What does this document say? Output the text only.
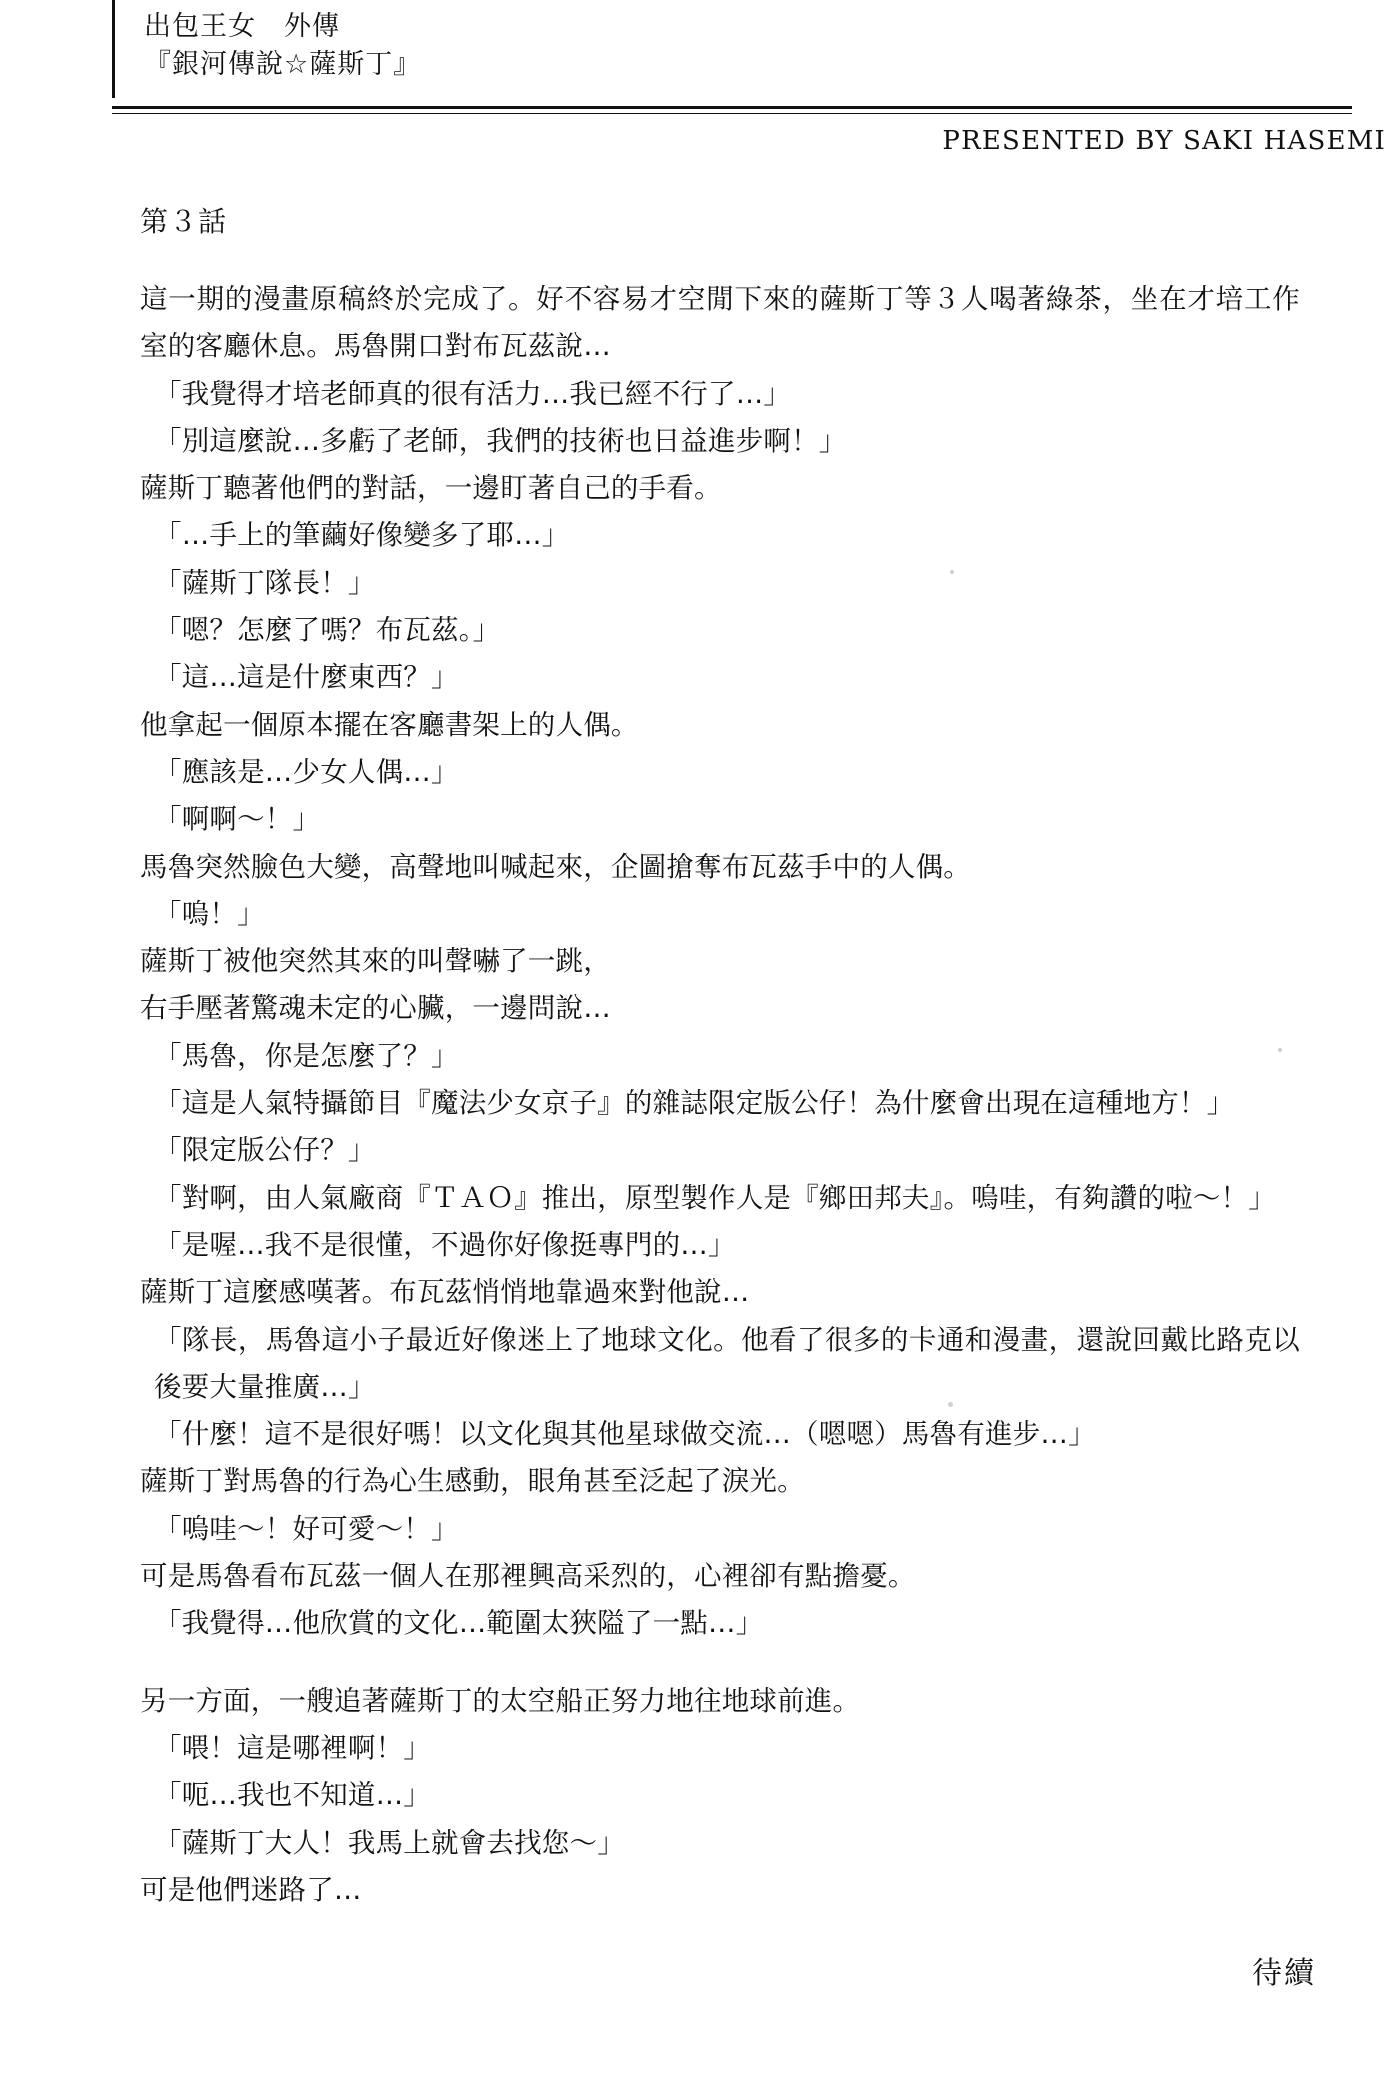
出包王女　外傳
『銀河傳說☆薩斯丁』
PRESENTED BY SAKI HASEMI
第３話

這一期的漫畫原稿終於完成了。好不容易才空閒下來的薩斯丁等３人喝著綠茶，坐在才培工作室的客廳休息。馬魯開口對布瓦茲說…

「我覺得才培老師真的很有活力…我已經不行了…」

「別這麼說…多虧了老師，我們的技術也日益進步啊！」

薩斯丁聽著他們的對話，一邊盯著自己的手看。

「…手上的筆繭好像變多了耶…」

「薩斯丁隊長！」

「嗯？怎麼了嗎？布瓦茲。」

「這…這是什麼東西？」

他拿起一個原本擺在客廳書架上的人偶。

「應該是…少女人偶…」

「啊啊～！」

馬魯突然臉色大變，高聲地叫喊起來，企圖搶奪布瓦茲手中的人偶。

「嗚！」

薩斯丁被他突然其來的叫聲嚇了一跳，

右手壓著驚魂未定的心臟，一邊問說…

「馬魯，你是怎麼了？」

「這是人氣特攝節目『魔法少女京子』的雜誌限定版公仔！為什麼會出現在這種地方！」

「限定版公仔？」

「對啊，由人氣廠商『ＴＡＯ』推出，原型製作人是『鄉田邦夫』。嗚哇，有夠讚的啦～！」

「是喔…我不是很懂，不過你好像挺專門的…」

薩斯丁這麼感嘆著。布瓦茲悄悄地靠過來對他說…

「隊長，馬魯這小子最近好像迷上了地球文化。他看了很多的卡通和漫畫，還說回戴比路克以後要大量推廣…」

「什麼！這不是很好嗎！以文化與其他星球做交流…（嗯嗯）馬魯有進步…」

薩斯丁對馬魯的行為心生感動，眼角甚至泛起了淚光。

「嗚哇～！好可愛～！」

可是馬魯看布瓦茲一個人在那裡興高采烈的，心裡卻有點擔憂。

「我覺得…他欣賞的文化…範圍太狹隘了一點…」

另一方面，一艘追著薩斯丁的太空船正努力地往地球前進。

「喂！這是哪裡啊！」

「呃…我也不知道…」

「薩斯丁大人！我馬上就會去找您～」

可是他們迷路了…

待續
